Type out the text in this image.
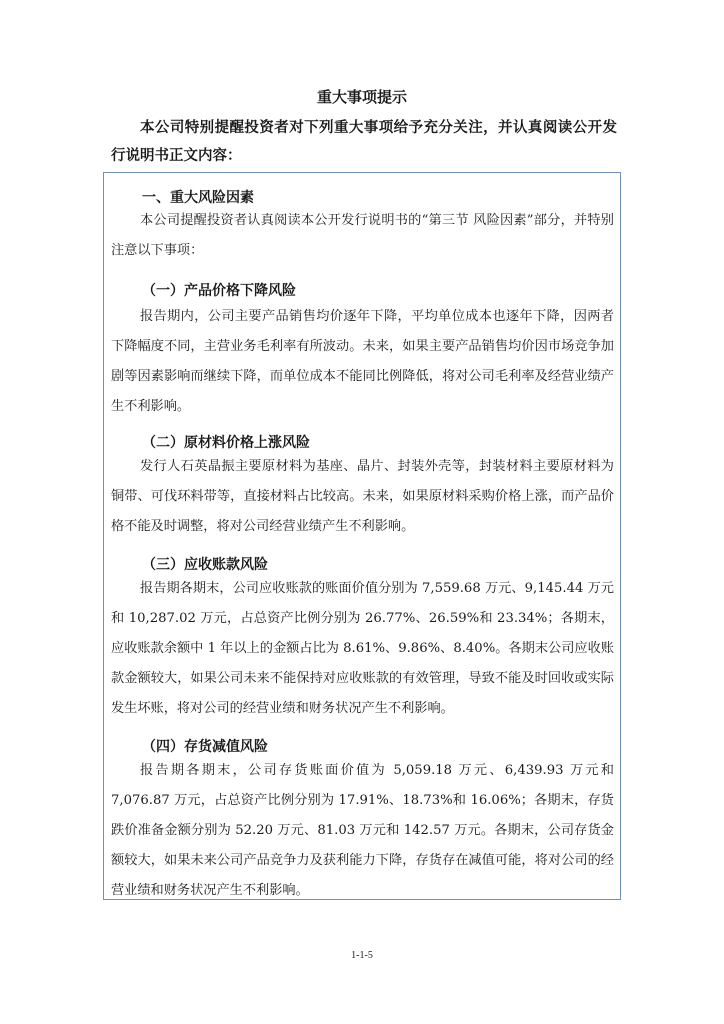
重大事项提示
本公司特别提醒投资者对下列重大事项给予充分关注，并认真阅读公开发行说明书正文内容：
一、重大风险因素

本公司提醒投资者认真阅读本公开发行说明书的“第三节 风险因素”部分，并特别注意以下事项：

（一）产品价格下降风险

报告期内，公司主要产品销售均价逐年下降，平均单位成本也逐年下降，因两者下降幅度不同，主营业务毛利率有所波动。未来，如果主要产品销售均价因市场竞争加剧等因素影响而继续下降，而单位成本不能同比例降低，将对公司毛利率及经营业绩产生不利影响。

（二）原材料价格上涨风险

发行人石英晶振主要原材料为基座、晶片、封装外壳等，封装材料主要原材料为铜带、可伐环料带等，直接材料占比较高。未来，如果原材料采购价格上涨，而产品价格不能及时调整，将对公司经营业绩产生不利影响。

（三）应收账款风险

报告期各期末，公司应收账款的账面价值分别为 7,559.68 万元、9,145.44 万元和 10,287.02 万元，占总资产比例分别为 26.77%、26.59%和 23.34%；各期末，应收账款余额中 1 年以上的金额占比为 8.61%、9.86%、8.40%。各期末公司应收账款金额较大，如果公司未来不能保持对应收账款的有效管理，导致不能及时回收或实际发生坏账，将对公司的经营业绩和财务状况产生不利影响。

（四）存货减值风险

报告期各期末，公司存货账面价值为 5,059.18 万元、6,439.93 万元和 7,076.87 万元，占总资产比例分别为 17.91%、18.73%和 16.06%；各期末，存货跌价准备金额分别为 52.20 万元、81.03 万元和 142.57 万元。各期末，公司存货金额较大，如果未来公司产品竞争力及获利能力下降，存货存在减值可能，将对公司的经营业绩和财务状况产生不利影响。

1-1-5
